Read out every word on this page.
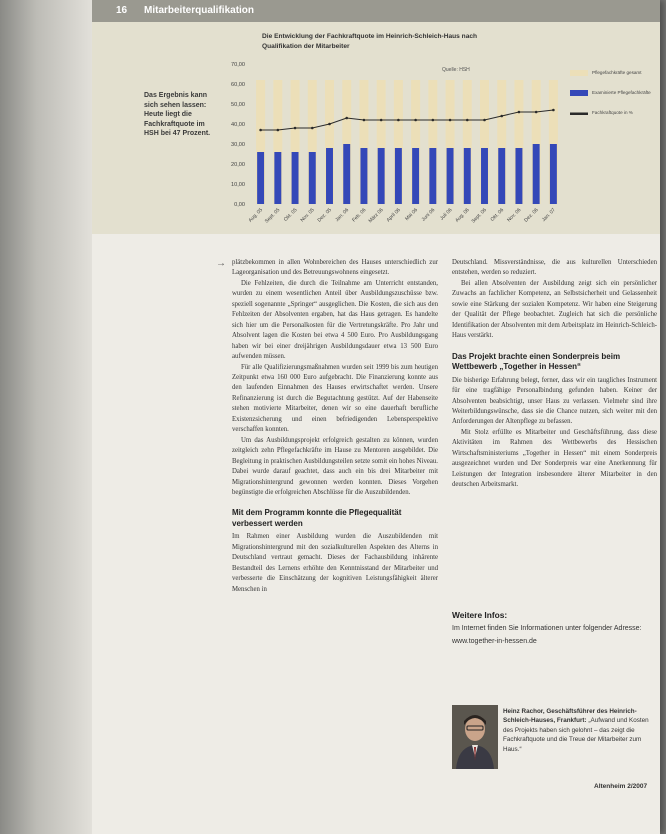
16 Mitarbeiterqualifikation
Die Entwicklung der Fachkraftquote im Heinrich-Schleich-Haus nach Qualifikation der Mitarbeiter
0,00
10,00
20,00
30,00
40,00
50,00
60,00
70,00
Quelle: HSH
Aug. 05 Sept. 05 Okt. 05 Nov. 05 Dez. 05 Jan. 06 Feb. 06 März 06 April 06 Mai 06 Juni 06 Juli 06 Aug. 06 Sept. 06 Okt. 06 Nov. 06 Dez. 06 Jan. 07
Pflegefachkräfte gesamt
Examinierte Pflegefachkräfte
Fachkraftquote in %
Das Ergebnis kann sich sehen lassen: Heute liegt die Fachkraftquote im HSH bei 47 Prozent.
→ plätzbekommen in allen Wohnbereichen des Hauses unterschiedlich zur Lageorganisation und des Betreuungswohnens eingesetzt.

Die Fehlzeiten, die durch die Teilnahme am Unterricht entstanden, wurden zu einem wesentlichen Anteil über Ausbildungszuschüsse bzw. speziell sogenannte „Springer“ ausgeglichen. Die Kosten, die sich aus den Fehlzeiten der Absolventen ergaben, hat das Haus getragen. Es handelte sich hier um die Personalkosten für die Vertretungskräfte. Pro Jahr und Absolvent lagen die Kosten bei etwa 4 500 Euro. Pro Ausbildungsgang haben wir bei einer dreijährigen Ausbildungsdauer etwa 13 500 Euro aufwenden müssen.

Für alle Qualifizierungsmaßnahmen wurden seit 1999 bis zum heutigen Zeitpunkt etwa 160 000 Euro aufgebracht. Die Finanzierung konnte aus den laufenden Einnahmen des Hauses erwirtschaftet werden. Unsere Refinanzierung ist durch die Begutachtung gestützt. Auf der Habenseite stehen motivierte Mitarbeiter, denen wir so eine dauerhaft berufliche Existenzsicherung und einen befriedigenden Lebensperspektive verschaffen konnten.

Um das Ausbildungsprojekt erfolgreich gestalten zu können, wurden zeitgleich zehn Pflegefachkräfte im Hause zu Mentoren ausgebildet. Die Begleitung in praktischen Ausbildungsteilen setzte somit ein hohes Niveau. Dabei wurde darauf geachtet, dass auch ein bis drei Mitarbeiter mit Migrationshintergrund gewonnen werden konnten. Dieses Vorgehen begünstigte die erfolgreichen Abschlüsse für die Auszubildenden.

Mit dem Programm konnte die Pflegequalität verbessert werden

Im Rahmen einer Ausbildung wurden die Auszubildenden mit Migrationshintergrund mit den sozialkulturellen Aspekten des Alterns in Deutschland vertraut gemacht. Dieses der Fachausbildung inhärente Bestandteil des Lernens erhöhte den Kenntnisstand der Mitarbeiter und verbesserte die Einschätzung der kognitiven Leistungsfähigkeit älterer Menschen in

Deutschland. Missverständnisse, die aus kulturellen Unterschieden entstehen, werden so reduziert.

Bei allen Absolventen der Ausbildung zeigt sich ein persönlicher Zuwachs an fachlicher Kompetenz, an Selbstsicherheit und Gelassenheit sowie eine Stärkung der sozialen Kompetenz. Wir haben eine Steigerung der Qualität der Pflege beobachtet. Zugleich hat sich die persönliche Identifikation der Absolventen mit dem Arbeitsplatz im Heinrich-Schleich-Haus verstärkt.

Das Projekt brachte einen Sonderpreis beim Wettbewerb „Together in Hessen“

Die bisherige Erfahrung belegt, ferner, dass wir ein taugliches Instrument für eine tragfähige Personalbindung gefunden haben. Keiner der Absolventen beabsichtigt, unser Haus zu verlassen. Vielmehr sind ihre Weiterbildungswünsche, dass sie die Chance nutzen, sich weiter mit den Anforderungen der Altenpflege zu befassen.

Mit Stolz erfüllte es Mitarbeiter und Geschäftsführung, dass diese Aktivitäten im Rahmen des Wettbewerbs des Hessischen Wirtschaftsministeriums „Together in Hessen“ mit einem Sonderpreis ausgezeichnet wurden und Der Sonderpreis war eine Anerkennung für Leistungen der Integration insbesondere älterer Mitarbeiter in den deutschen Arbeitsmarkt.

Weitere Infos:
Im Internet finden Sie Informationen unter folgender Adresse:
www.together-in-hessen.de
Heinz Rachor, Geschäftsführer des Heinrich-Schleich-Hauses, Frankfurt: „Aufwand und Kosten des Projekts haben sich gelohnt – das zeigt die Fachkraftquote und die Treue der Mitarbeiter zum Haus.“
Altenheim 2/2007
